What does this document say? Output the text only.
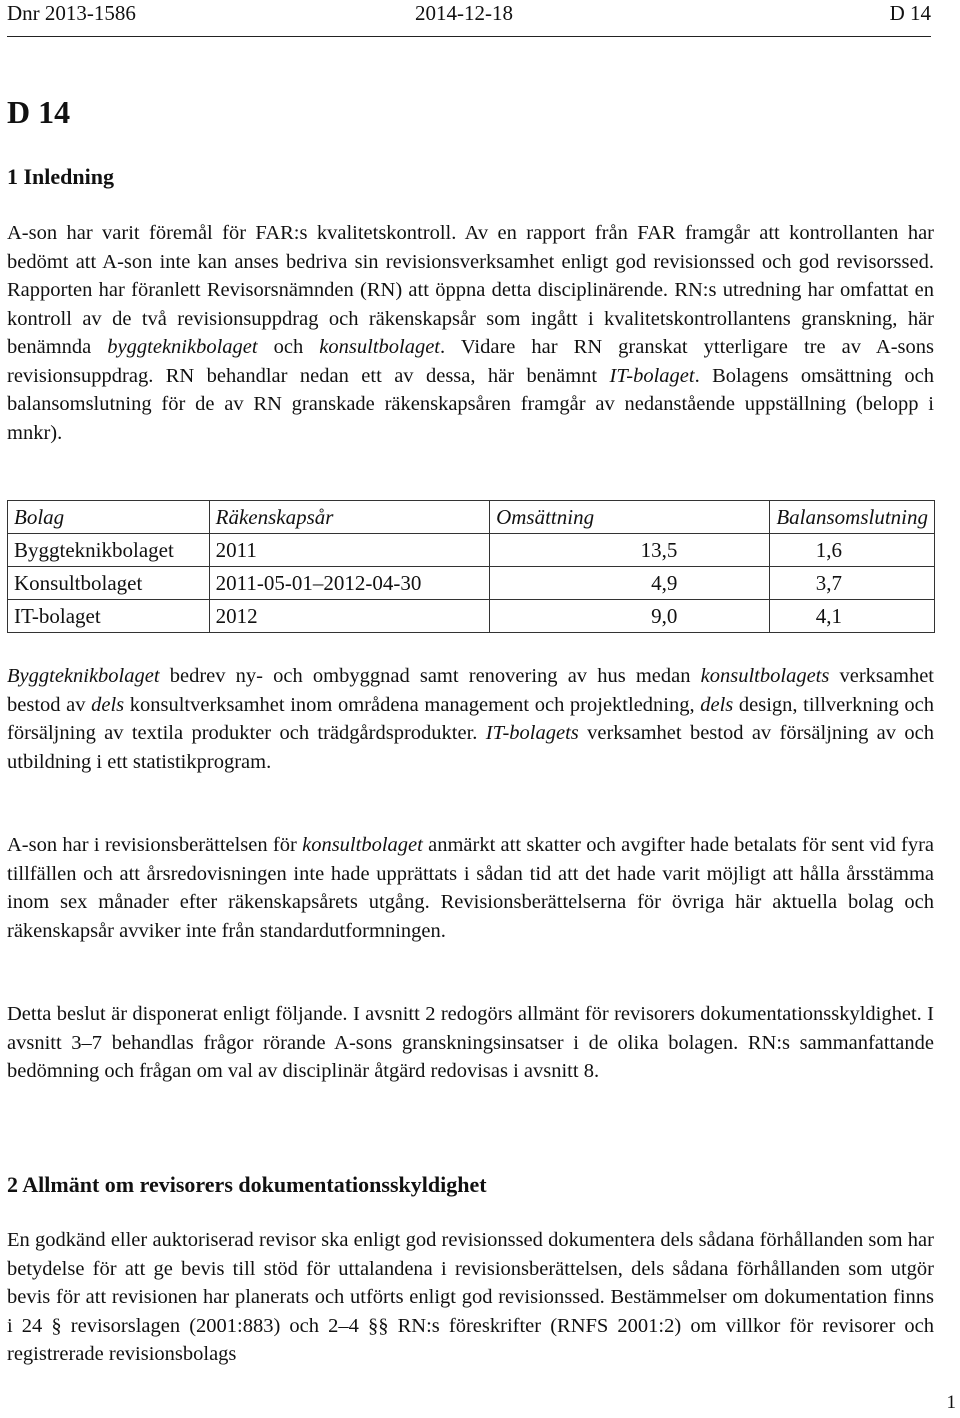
Dnr 2013-1586	2014-12-18	D 14
D 14
1 Inledning

A-son har varit föremål för FAR:s kvalitetskontroll. Av en rapport från FAR framgår att kontrollanten har bedömt att A-son inte kan anses bedriva sin revisionsverksamhet enligt god revisionssed och god revisorssed. Rapporten har föranlett Revisorsnämnden (RN) att öppna detta disciplinärende. RN:s utredning har omfattat en kontroll av de två revisionsuppdrag och räkenskapsår som ingått i kvalitetskontrollantens granskning, här benämnda byggteknikbolaget och konsultbolaget. Vidare har RN granskat ytterligare tre av A-sons revisionsuppdrag. RN behandlar nedan ett av dessa, här benämnt IT-bolaget. Bolagens omsättning och balansomslutning för de av RN granskade räkenskapsåren framgår av nedanstående uppställning (belopp i mnkr).

Bolag	Räkenskapsår	Omsättning	Balansomslutning
Byggteknikbolaget	2011	13,5	1,6
Konsultbolaget	2011-05-01–2012-04-30	4,9	3,7
IT-bolaget	2012	9,0	4,1

Byggteknikbolaget bedrev ny- och ombyggnad samt renovering av hus medan konsultbolagets verksamhet bestod av dels konsultverksamhet inom områdena management och projektledning, dels design, tillverkning och försäljning av textila produkter och trädgårdsprodukter. IT-bolagets verksamhet bestod av försäljning av och utbildning i ett statistikprogram.

A-son har i revisionsberättelsen för konsultbolaget anmärkt att skatter och avgifter hade betalats för sent vid fyra tillfällen och att årsredovisningen inte hade upprättats i sådan tid att det hade varit möjligt att hålla årsstämma inom sex månader efter räkenskapsårets utgång. Revisionsberättelserna för övriga här aktuella bolag och räkenskapsår avviker inte från standardutformningen.

Detta beslut är disponerat enligt följande. I avsnitt 2 redogörs allmänt för revisorers dokumentationsskyldighet. I avsnitt 3–7 behandlas frågor rörande A-sons granskningsinsatser i de olika bolagen. RN:s sammanfattande bedömning och frågan om val av disciplinär åtgärd redovisas i avsnitt 8.

2 Allmänt om revisorers dokumentationsskyldighet

En godkänd eller auktoriserad revisor ska enligt god revisionssed dokumentera dels sådana förhållanden som har betydelse för att ge bevis till stöd för uttalandena i revisionsberättelsen, dels sådana förhållanden som utgör bevis för att revisionen har planerats och utförts enligt god revisionssed. Bestämmelser om dokumentation finns i 24 § revisorslagen (2001:883) och 2–4 §§ RN:s föreskrifter (RNFS 2001:2) om villkor för revisorer och registrerade revisionsbolags

1
